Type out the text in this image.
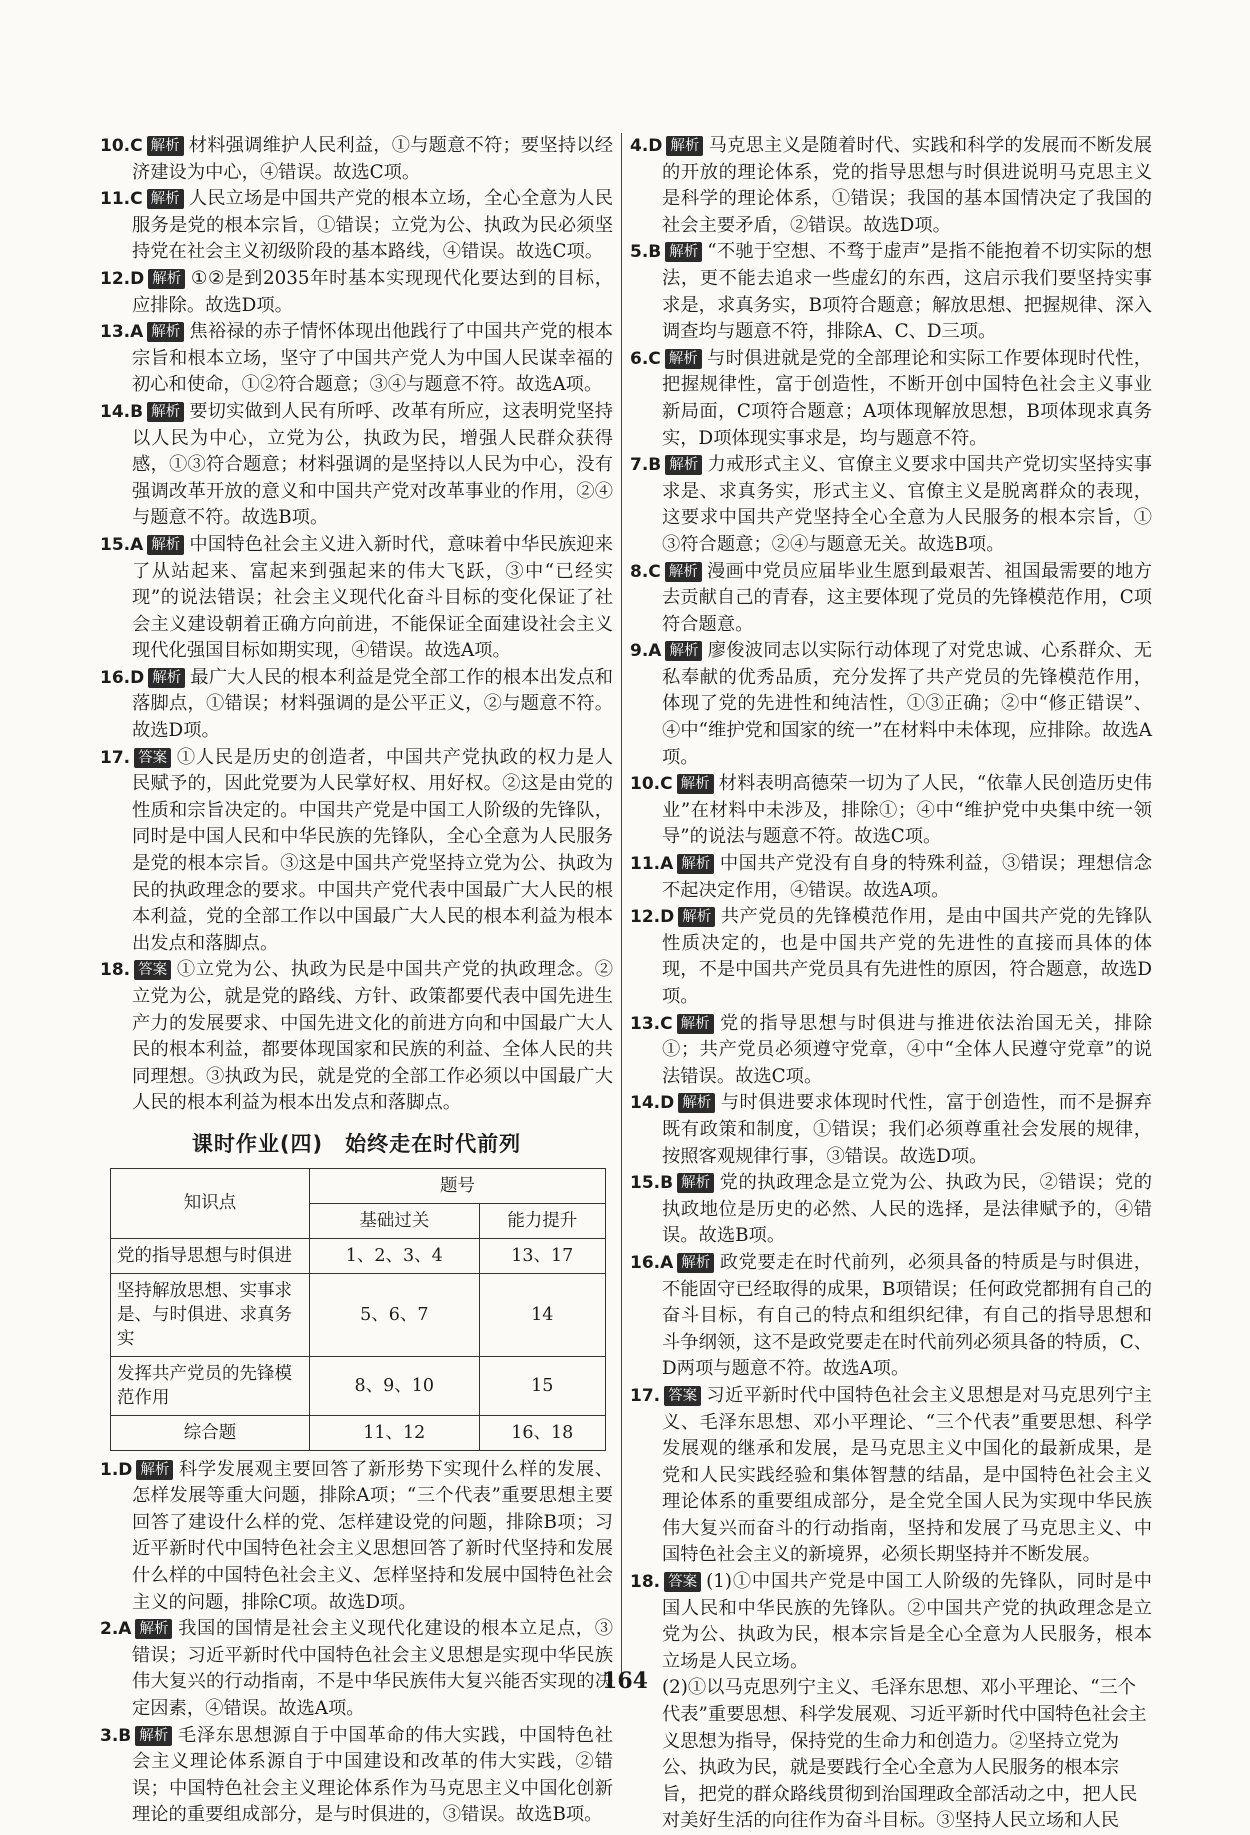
10.C 解析 材料强调维护人民利益，①与题意不符；要坚持以经济建设为中心，④错误。故选C项。
11.C 解析 人民立场是中国共产党的根本立场，全心全意为人民服务是党的根本宗旨，①错误；立党为公、执政为民必须坚持党在社会主义初级阶段的基本路线，④错误。故选C项。
12.D 解析 ①②是到2035年时基本实现现代化要达到的目标，应排除。故选D项。
13.A 解析 焦裕禄的赤子情怀体现出他践行了中国共产党的根本宗旨和根本立场，坚守了中国共产党人为中国人民谋幸福的初心和使命，①②符合题意；③④与题意不符。故选A项。
14.B 解析 要切实做到人民有所呼、改革有所应，这表明党坚持以人民为中心，立党为公，执政为民，增强人民群众获得感，①③符合题意；材料强调的是坚持以人民为中心，没有强调改革开放的意义和中国共产党对改革事业的作用，②④与题意不符。故选B项。
15.A 解析 中国特色社会主义进入新时代，意味着中华民族迎来了从站起来、富起来到强起来的伟大飞跃，③中“已经实现”的说法错误；社会主义现代化奋斗目标的变化保证了社会主义建设朝着正确方向前进，不能保证全面建设社会主义现代化强国目标如期实现，④错误。故选A项。
16.D 解析 最广大人民的根本利益是党全部工作的根本出发点和落脚点，①错误；材料强调的是公平正义，②与题意不符。故选D项。
17. 答案 ①人民是历史的创造者，中国共产党执政的权力是人民赋予的，因此党要为人民掌好权、用好权。②这是由党的性质和宗旨决定的。中国共产党是中国工人阶级的先锋队，同时是中国人民和中华民族的先锋队，全心全意为人民服务是党的根本宗旨。③这是中国共产党坚持立党为公、执政为民的执政理念的要求。中国共产党代表中国最广大人民的根本利益，党的全部工作以中国最广大人民的根本利益为根本出发点和落脚点。
18. 答案 ①立党为公、执政为民是中国共产党的执政理念。②立党为公，就是党的路线、方针、政策都要代表中国先进生产力的发展要求、中国先进文化的前进方向和中国最广大人民的根本利益，都要体现国家和民族的利益、全体人民的共同理想。③执政为民，就是党的全部工作必须以中国最广大人民的根本利益为根本出发点和落脚点。
课时作业(四)　始终走在时代前列
知识点	题号	
	基础过关	能力提升
党的指导思想与时俱进	1、2、3、4	13、17
坚持解放思想、实事求是、与时俱进、求真务实	5、6、7	14
发挥共产党员的先锋模范作用	8、9、10	15
综合题	11、12	16、18
1.D 解析 科学发展观主要回答了新形势下实现什么样的发展、怎样发展等重大问题，排除A项；“三个代表”重要思想主要回答了建设什么样的党、怎样建设党的问题，排除B项；习近平新时代中国特色社会主义思想回答了新时代坚持和发展什么样的中国特色社会主义、怎样坚持和发展中国特色社会主义的问题，排除C项。故选D项。
2.A 解析 我国的国情是社会主义现代化建设的根本立足点，③错误；习近平新时代中国特色社会主义思想是实现中华民族伟大复兴的行动指南，不是中华民族伟大复兴能否实现的决定因素，④错误。故选A项。
3.B 解析 毛泽东思想源自于中国革命的伟大实践，中国特色社会主义理论体系源自于中国建设和改革的伟大实践，②错误；中国特色社会主义理论体系作为马克思主义中国化创新理论的重要组成部分，是与时俱进的，③错误。故选B项。
4.D 解析 马克思主义是随着时代、实践和科学的发展而不断发展的开放的理论体系，党的指导思想与时俱进说明马克思主义是科学的理论体系，①错误；我国的基本国情决定了我国的社会主要矛盾，②错误。故选D项。
5.B 解析 “不驰于空想、不骛于虚声”是指不能抱着不切实际的想法，更不能去追求一些虚幻的东西，这启示我们要坚持实事求是，求真务实，B项符合题意；解放思想、把握规律、深入调查均与题意不符，排除A、C、D三项。
6.C 解析 与时俱进就是党的全部理论和实际工作要体现时代性，把握规律性，富于创造性，不断开创中国特色社会主义事业新局面，C项符合题意；A项体现解放思想，B项体现求真务实，D项体现实事求是，均与题意不符。
7.B 解析 力戒形式主义、官僚主义要求中国共产党切实坚持实事求是、求真务实，形式主义、官僚主义是脱离群众的表现，这要求中国共产党坚持全心全意为人民服务的根本宗旨，①③符合题意；②④与题意无关。故选B项。
8.C 解析 漫画中党员应届毕业生愿到最艰苦、祖国最需要的地方去贡献自己的青春，这主要体现了党员的先锋模范作用，C项符合题意。
9.A 解析 廖俊波同志以实际行动体现了对党忠诚、心系群众、无私奉献的优秀品质，充分发挥了共产党员的先锋模范作用，体现了党的先进性和纯洁性，①③正确；②中“修正错误”、④中“维护党和国家的统一”在材料中未体现，应排除。故选A项。
10.C 解析 材料表明高德荣一切为了人民，“依靠人民创造历史伟业”在材料中未涉及，排除①；④中“维护党中央集中统一领导”的说法与题意不符。故选C项。
11.A 解析 中国共产党没有自身的特殊利益，③错误；理想信念不起决定作用，④错误。故选A项。
12.D 解析 共产党员的先锋模范作用，是由中国共产党的先锋队性质决定的，也是中国共产党的先进性的直接而具体的体现，不是中国共产党员具有先进性的原因，符合题意，故选D项。
13.C 解析 党的指导思想与时俱进与推进依法治国无关，排除①；共产党员必须遵守党章，④中“全体人民遵守党章”的说法错误。故选C项。
14.D 解析 与时俱进要求体现时代性，富于创造性，而不是摒弃既有政策和制度，①错误；我们必须尊重社会发展的规律，按照客观规律行事，③错误。故选D项。
15.B 解析 党的执政理念是立党为公、执政为民，②错误；党的执政地位是历史的必然、人民的选择，是法律赋予的，④错误。故选B项。
16.A 解析 政党要走在时代前列，必须具备的特质是与时俱进，不能固守已经取得的成果，B项错误；任何政党都拥有自己的奋斗目标，有自己的特点和组织纪律，有自己的指导思想和斗争纲领，这不是政党要走在时代前列必须具备的特质，C、D两项与题意不符。故选A项。
17. 答案 习近平新时代中国特色社会主义思想是对马克思列宁主义、毛泽东思想、邓小平理论、“三个代表”重要思想、科学发展观的继承和发展，是马克思主义中国化的最新成果，是党和人民实践经验和集体智慧的结晶，是中国特色社会主义理论体系的重要组成部分，是全党全国人民为实现中华民族伟大复兴而奋斗的行动指南，坚持和发展了马克思主义、中国特色社会主义的新境界，必须长期坚持并不断发展。
18. 答案 (1)①中国共产党是中国工人阶级的先锋队，同时是中国人民和中华民族的先锋队。②中国共产党的执政理念是立党为公、执政为民，根本宗旨是全心全意为人民服务，根本立场是人民立场。
(2)①以马克思列宁主义、毛泽东思想、邓小平理论、“三个代表”重要思想、科学发展观、习近平新时代中国特色社会主义思想为指导，保持党的生命力和创造力。②坚持立党为公、执政为民，就是要践行全心全意为人民服务的根本宗旨，把党的群众路线贯彻到治国理政全部活动之中，把人民对美好生活的向往作为奋斗目标。③坚持人民立场和人民
164
